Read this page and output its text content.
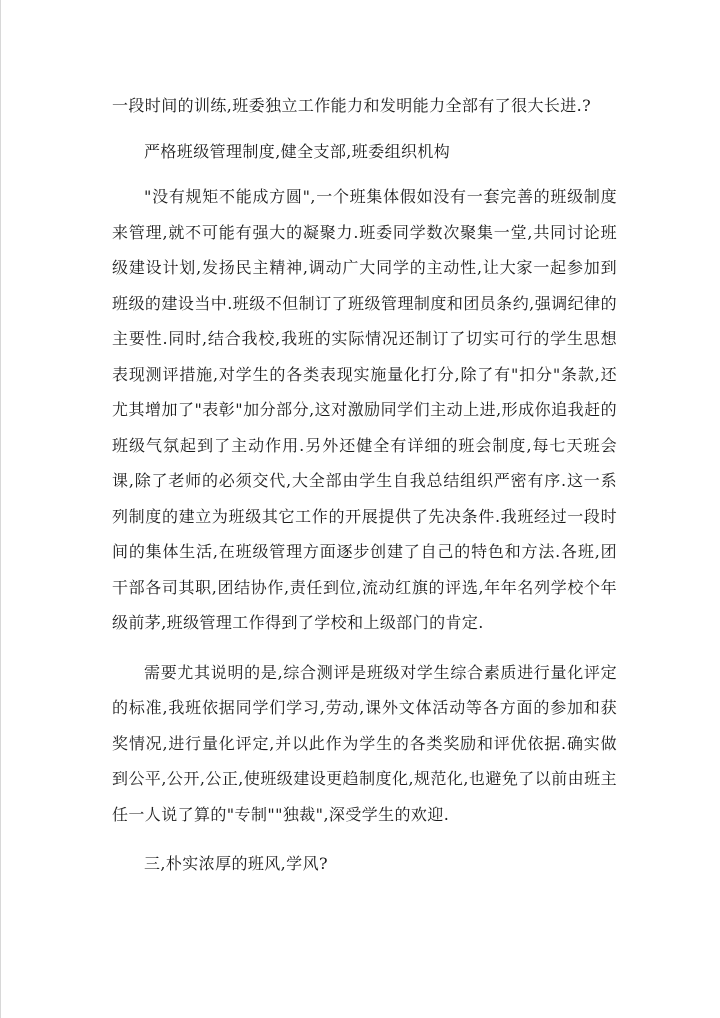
一段时间的训练,班委独立工作能力和发明能力全部有了很大长进.?

严格班级管理制度,健全支部,班委组织机构

"没有规矩不能成方圆",一个班集体假如没有一套完善的班级制度来管理,就不可能有强大的凝聚力.班委同学数次聚集一堂,共同讨论班级建设计划,发扬民主精神,调动广大同学的主动性,让大家一起参加到班级的建设当中.班级不但制订了班级管理制度和团员条约,强调纪律的主要性.同时,结合我校,我班的实际情况还制订了切实可行的学生思想表现测评措施,对学生的各类表现实施量化打分,除了有"扣分"条款,还尤其增加了"表彰"加分部分,这对激励同学们主动上进,形成你追我赶的班级气氛起到了主动作用.另外还健全有详细的班会制度,每七天班会课,除了老师的必须交代,大全部由学生自我总结组织严密有序.这一系列制度的建立为班级其它工作的开展提供了先决条件.我班经过一段时间的集体生活,在班级管理方面逐步创建了自己的特色和方法.各班,团干部各司其职,团结协作,责任到位,流动红旗的评选,年年名列学校个年级前茅,班级管理工作得到了学校和上级部门的肯定.

需要尤其说明的是,综合测评是班级对学生综合素质进行量化评定的标准,我班依据同学们学习,劳动,课外文体活动等各方面的参加和获奖情况,进行量化评定,并以此作为学生的各类奖励和评优依据.确实做到公平,公开,公正,使班级建设更趋制度化,规范化,也避免了以前由班主任一人说了算的"专制""独裁",深受学生的欢迎.

三,朴实浓厚的班风,学风?
